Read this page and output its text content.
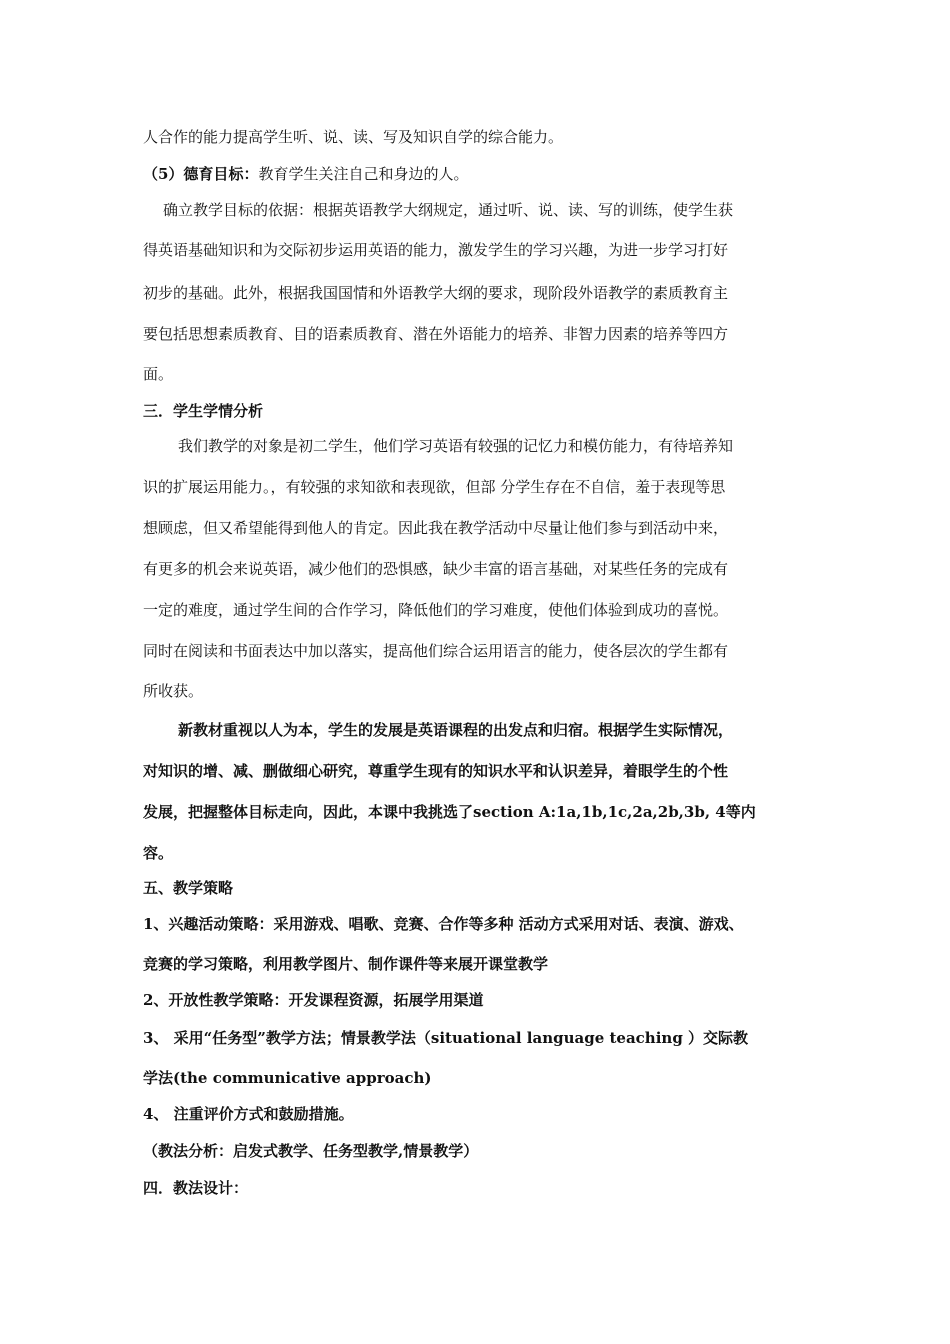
人合作的能力提高学生听、说、读、写及知识自学的综合能力。
（5）德育目标：教育学生关注自己和身边的人。
确立教学目标的依据：根据英语教学大纲规定，通过听、说、读、写的训练，使学生获
得英语基础知识和为交际初步运用英语的能力，激发学生的学习兴趣，为进一步学习打好
初步的基础。此外，根据我国国情和外语教学大纲的要求，现阶段外语教学的素质教育主
要包括思想素质教育、目的语素质教育、潜在外语能力的培养、非智力因素的培养等四方
面。
三．学生学情分析
我们教学的对象是初二学生，他们学习英语有较强的记忆力和模仿能力，有待培养知
识的扩展运用能力。，有较强的求知欲和表现欲，但部 分学生存在不自信，羞于表现等思
想顾虑，但又希望能得到他人的肯定。因此我在教学活动中尽量让他们参与到活动中来，
有更多的机会来说英语，减少他们的恐惧感，缺少丰富的语言基础，对某些任务的完成有
一定的难度，通过学生间的合作学习，降低他们的学习难度，使他们体验到成功的喜悦。
同时在阅读和书面表达中加以落实，提高他们综合运用语言的能力，使各层次的学生都有
所收获。
新教材重视以人为本，学生的发展是英语课程的出发点和归宿。根据学生实际情况，
对知识的增、减、删做细心研究，尊重学生现有的知识水平和认识差异，着眼学生的个性
发展，把握整体目标走向，因此，本课中我挑选了section A:1a,1b,1c,2a,2b,3b, 4等内
容。
五、教学策略
1、兴趣活动策略：采用游戏、唱歌、竞赛、合作等多种 活动方式采用对话、表演、游戏、
竞赛的学习策略，利用教学图片、制作课件等来展开课堂教学
2、开放性教学策略：开发课程资源，拓展学用渠道
3、 采用“任务型”教学方法；情景教学法（situational language teaching ）交际教
学法(the communicative approach)
4、 注重评价方式和鼓励措施。
（教法分析：启发式教学、任务型教学,情景教学）
四．教法设计：
